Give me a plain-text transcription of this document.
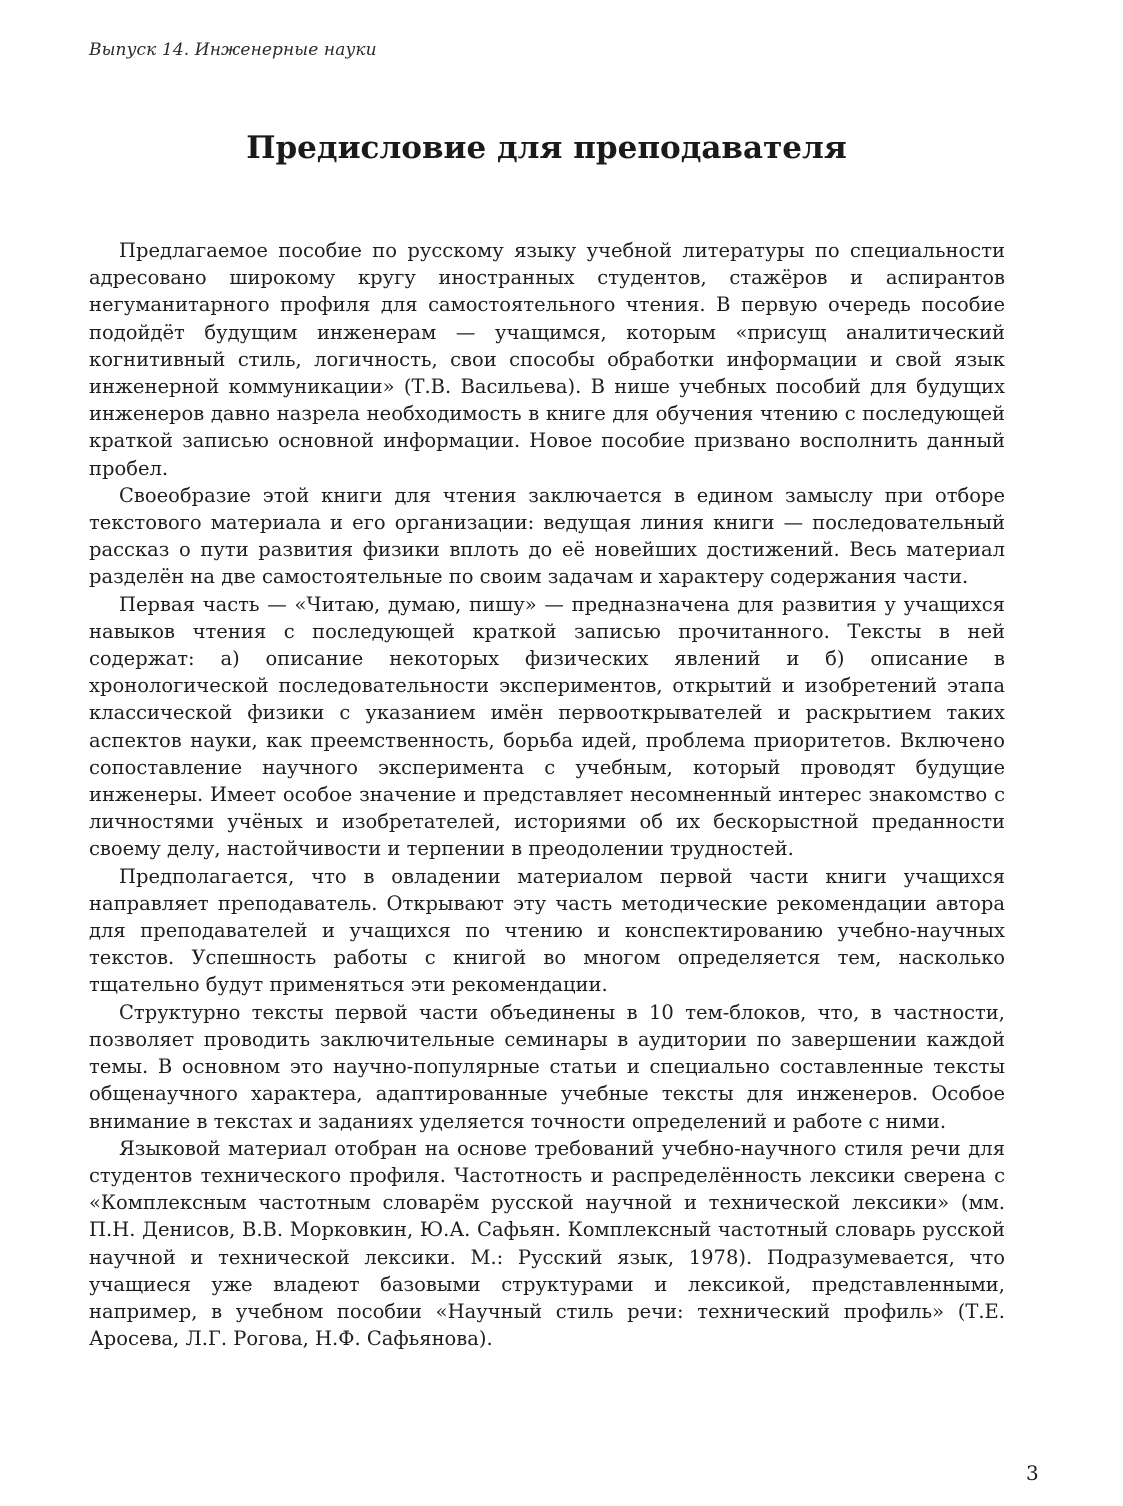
Выпуск 14. Инженерные науки
Предисловие для преподавателя

Предлагаемое пособие по русскому языку учебной литературы по специальности адресовано широкому кругу иностранных студентов, стажёров и аспирантов негуманитарного профиля для самостоятельного чтения. В первую очередь пособие подойдёт будущим инженерам — учащимся, которым «присущ аналитический когнитивный стиль, логичность, свои способы обработки информации и свой язык инженерной коммуникации» (Т.В. Васильева). В нише учебных пособий для будущих инженеров давно назрела необходимость в книге для обучения чтению с последующей краткой записью основной информации. Новое пособие призвано восполнить данный пробел.

Своеобразие этой книги для чтения заключается в едином замыслу при отборе текстового материала и его организации: ведущая линия книги — последовательный рассказ о пути развития физики вплоть до её новейших достижений. Весь материал разделён на две самостоятельные по своим задачам и характеру содержания части.

Первая часть — «Читаю, думаю, пишу» — предназначена для развития у учащихся навыков чтения с последующей краткой записью прочитанного. Тексты в ней содержат: а) описание некоторых физических явлений и б) описание в хронологической последовательности экспериментов, открытий и изобретений этапа классической физики с указанием имён первооткрывателей и раскрытием таких аспектов науки, как преемственность, борьба идей, проблема приоритетов. Включено сопоставление научного эксперимента с учебным, который проводят будущие инженеры. Имеет особое значение и представляет несомненный интерес знакомство с личностями учёных и изобретателей, историями об их бескорыстной преданности своему делу, настойчивости и терпении в преодолении трудностей.

Предполагается, что в овладении материалом первой части книги учащихся направляет преподаватель. Открывают эту часть методические рекомендации автора для преподавателей и учащихся по чтению и конспектированию учебно-научных текстов. Успешность работы с книгой во многом определяется тем, насколько тщательно будут применяться эти рекомендации.

Структурно тексты первой части объединены в 10 тем-блоков, что, в частности, позволяет проводить заключительные семинары в аудитории по завершении каждой темы. В основном это научно-популярные статьи и специально составленные тексты общенаучного характера, адаптированные учебные тексты для инженеров. Особое внимание в текстах и заданиях уделяется точности определений и работе с ними.

Языковой материал отобран на основе требований учебно-научного стиля речи для студентов технического профиля. Частотность и распределённость лексики сверена с «Комплексным частотным словарём русской научной и технической лексики» (мм. П.Н. Денисов, В.В. Морковкин, Ю.А. Сафьян. Комплексный частотный словарь русской научной и технической лексики. М.: Русский язык, 1978). Подразумевается, что учащиеся уже владеют базовыми структурами и лексикой, представленными, например, в учебном пособии «Научный стиль речи: технический профиль» (Т.Е. Аросева, Л.Г. Рогова, Н.Ф. Сафьянова).

3
